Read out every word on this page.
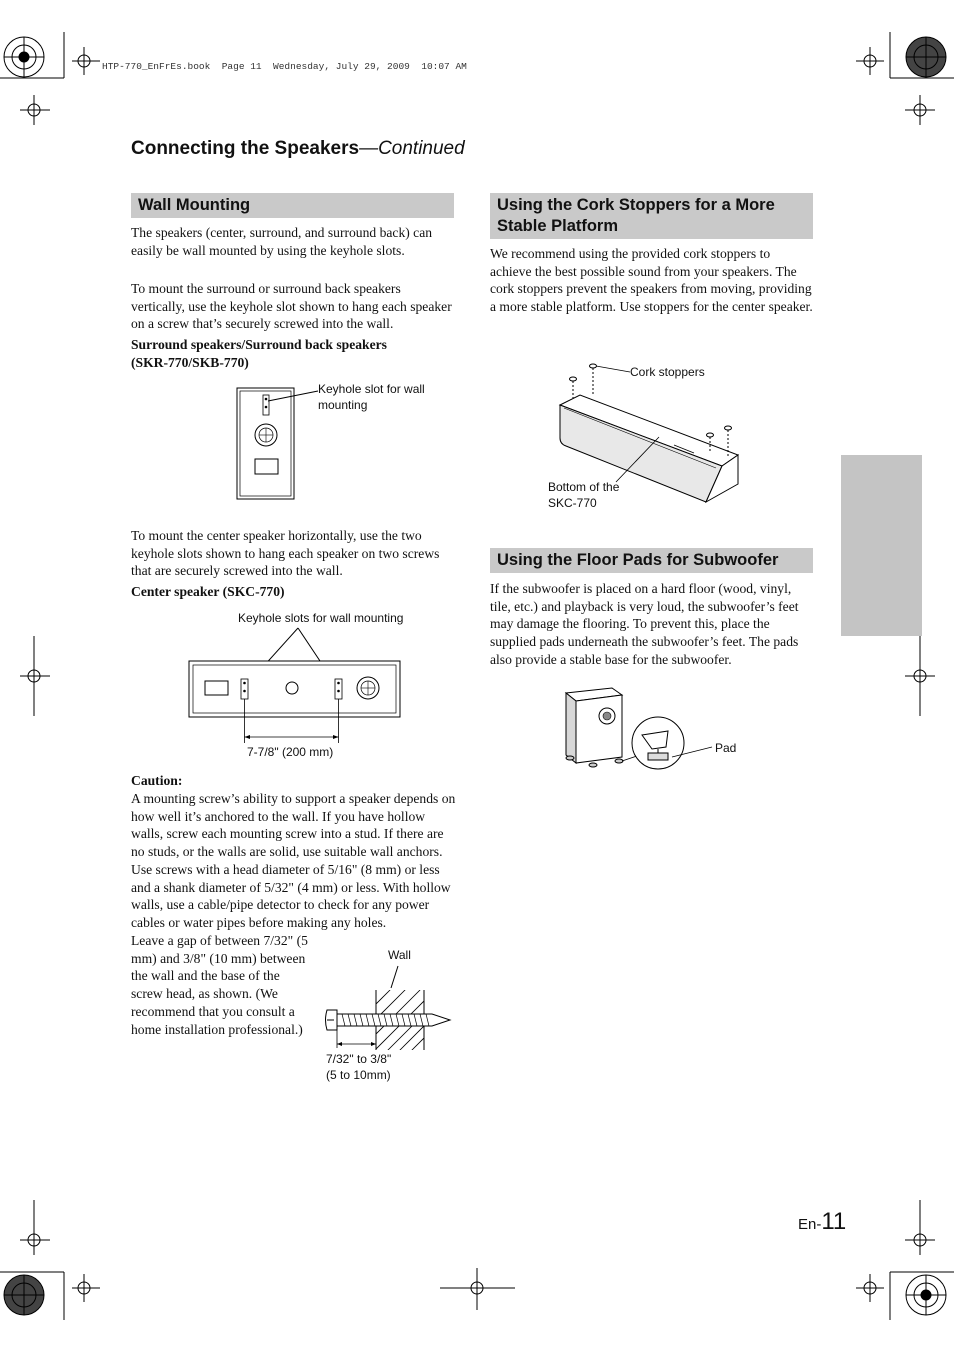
HTP-770_EnFrEs.book  Page 11  Wednesday, July 29, 2009  10:07 AM
Connecting the Speakers—Continued
Wall Mounting
The speakers (center, surround, and surround back) can easily be wall mounted by using the keyhole slots.
To mount the surround or surround back speakers vertically, use the keyhole slot shown to hang each speaker on a screw that’s securely screwed into the wall.
Surround speakers/Surround back speakers
(SKR-770/SKB-770)
Keyhole slot for wall
mounting
To mount the center speaker horizontally, use the two keyhole slots shown to hang each speaker on two screws that are securely screwed into the wall.
Center speaker (SKC-770)
Keyhole slots for wall mounting
7-7/8" (200 mm)
Caution:
A mounting screw’s ability to support a speaker depends on how well it’s anchored to the wall. If you have hollow walls, screw each mounting screw into a stud. If there are no studs, or the walls are solid, use suitable wall anchors. Use screws with a head diameter of 5/16" (8 mm) or less and a shank diameter of 5/32" (4 mm) or less. With hollow walls, use a cable/pipe detector to check for any power cables or water pipes before making any holes.
Leave a gap of between 7/32" (5 mm) and 3/8" (10 mm) between the wall and the base of the screw head, as shown. (We recommend that you consult a home installation professional.)
Wall
7/32" to 3/8"
(5 to 10mm)
Using the Cork Stoppers for a More
Stable Platform
We recommend using the provided cork stoppers to achieve the best possible sound from your speakers. The cork stoppers prevent the speakers from moving, providing a more stable platform. Use stoppers for the center speaker.
Cork stoppers
Bottom of the
SKC-770
Using the Floor Pads for Subwoofer
If the subwoofer is placed on a hard floor (wood, vinyl, tile, etc.) and playback is very loud, the subwoofer’s feet may damage the flooring. To prevent this, place the supplied pads underneath the subwoofer’s feet. The pads also provide a stable base for the subwoofer.
Pad
En-11
